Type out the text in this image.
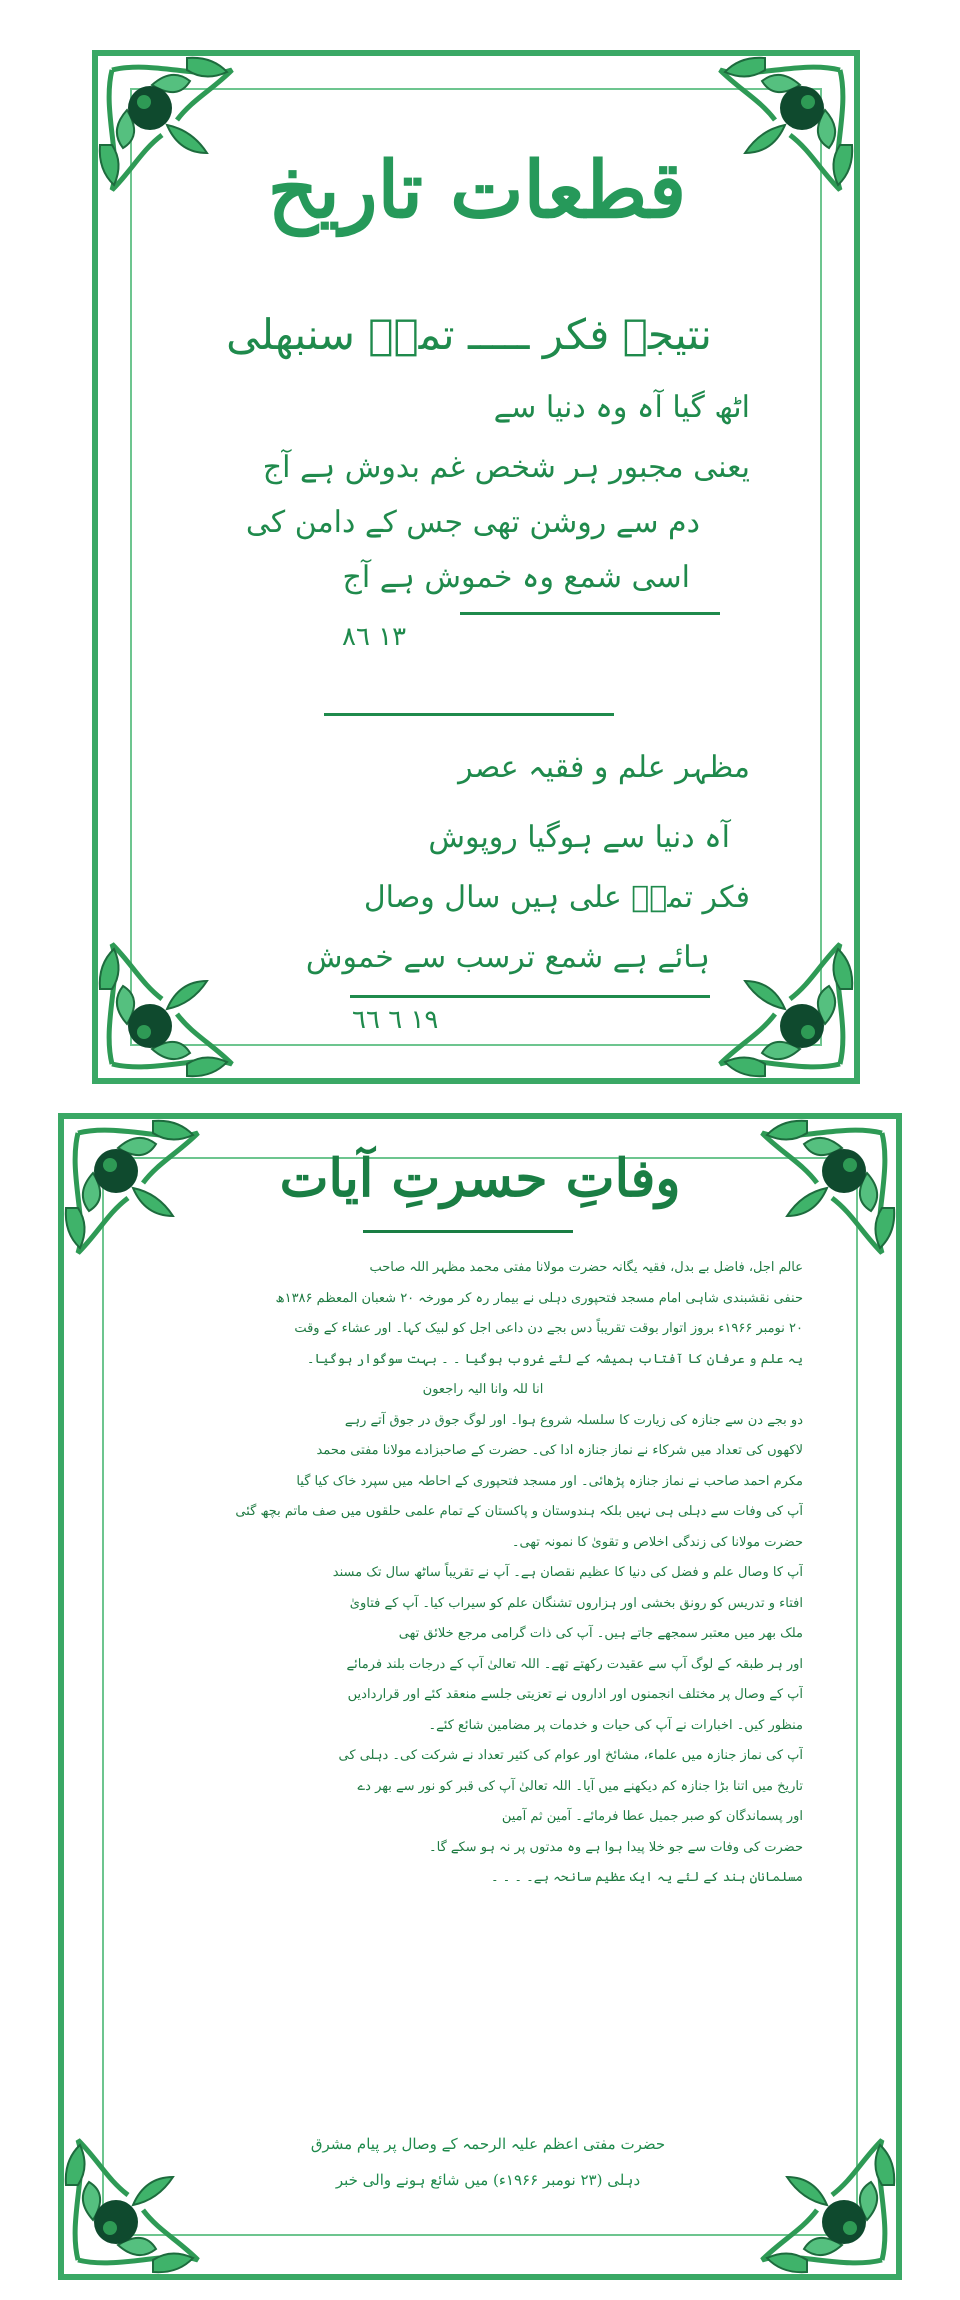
قطعات تاریخ
نتیجۂ فکر ـــــ تمنؔ سنبھلی
اٹھ گیا آہ وہ دنیا سے
یعنی مجبور ہر شخص غم بدوش ہے آج
دم سے روشن تھی جس کے دامن کی
اسی شمع وہ خموش ہے آج
١٣ ٨٦
مظہر علم و فقیہ عصر
آہ دنیا سے ہوگیا روپوش
فکر تمنؔ علی ہیں سال وصال
ہائے ہے شمع ترسب سے خموش
١٩ ٦ ٦٦
وفاتِ حسرتِ آیات

عالم اجل، فاضل بے بدل، فقیہ یگانہ حضرت مولانا مفتی محمد مظہر اللہ صاحب

حنفی نقشبندی شاہی امام مسجد فتحپوری دہلی نے بیمار رہ کر مورخہ ۲۰ شعبان المعظم ۱۳۸۶ھ

۲۰ نومبر ۱۹۶۶ء بروز اتوار بوقت تقریباً دس بجے دن داعی اجل کو لبیک کہا۔ اور عشاء کے وقت

یہ علم و عرفان کا آفتاب ہمیشہ کے لئے غروب ہوگیا ۔ ۔ بہت سوگوار ہوگیا۔

انا للہ وانا الیہ راجعون

دو بجے دن سے جنازہ کی زیارت کا سلسلہ شروع ہوا۔ اور لوگ جوق در جوق آتے رہے

لاکھوں کی تعداد میں شرکاء نے نماز جنازہ ادا کی۔ حضرت کے صاحبزادے مولانا مفتی محمد

مکرم احمد صاحب نے نماز جنازہ پڑھائی۔ اور مسجد فتحپوری کے احاطہ میں سپرد خاک کیا گیا

آپ کی وفات سے دہلی ہی نہیں بلکہ ہندوستان و پاکستان کے تمام علمی حلقوں میں صف ماتم بچھ گئی

حضرت مولانا کی زندگی اخلاص و تقویٰ کا نمونہ تھی۔

آپ کا وصال علم و فضل کی دنیا کا عظیم نقصان ہے۔ آپ نے تقریباً ساٹھ سال تک مسند

افتاء و تدریس کو رونق بخشی اور ہزاروں تشنگان علم کو سیراب کیا۔ آپ کے فتاویٰ

ملک بھر میں معتبر سمجھے جاتے ہیں۔ آپ کی ذات گرامی مرجع خلائق تھی

اور ہر طبقہ کے لوگ آپ سے عقیدت رکھتے تھے۔ اللہ تعالیٰ آپ کے درجات بلند فرمائے

آپ کے وصال پر مختلف انجمنوں اور اداروں نے تعزیتی جلسے منعقد کئے اور قراردادیں

منظور کیں۔ اخبارات نے آپ کی حیات و خدمات پر مضامین شائع کئے۔

آپ کی نماز جنازہ میں علماء، مشائخ اور عوام کی کثیر تعداد نے شرکت کی۔ دہلی کی

تاریخ میں اتنا بڑا جنازہ کم دیکھنے میں آیا۔ اللہ تعالیٰ آپ کی قبر کو نور سے بھر دے

اور پسماندگان کو صبر جمیل عطا فرمائے۔ آمین ثم آمین

حضرت کی وفات سے جو خلا پیدا ہوا ہے وہ مدتوں پر نہ ہو سکے گا۔

مسلمانان ہند کے لئے یہ ایک عظیم سانحہ ہے۔ ۔ ۔ ۔

حضرت مفتی اعظم علیہ الرحمہ کے وصال پر پیام مشرق
دہلی (۲۳ نومبر ۱۹۶۶ء) میں شائع ہونے والی خبر
